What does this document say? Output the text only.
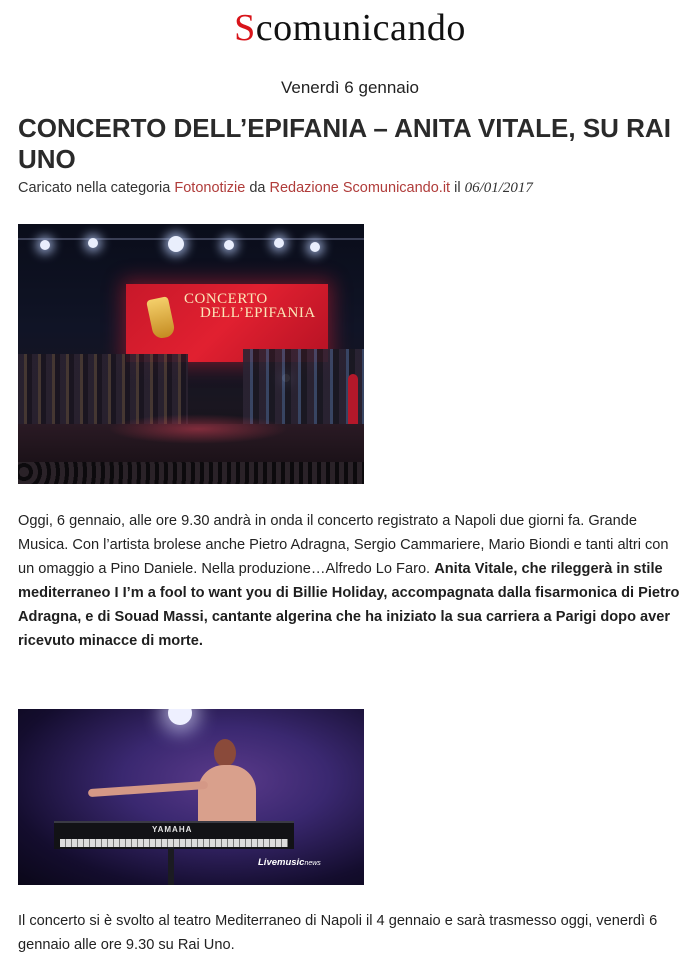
Scomunicando
Venerdì 6 gennaio
CONCERTO DELL’EPIFANIA – ANITA VITALE, SU RAI UNO
Caricato nella categoria Fotonotizie da Redazione Scomunicando.it il 06/01/2017
CONCERTO
DELL’EPIFANIA
Oggi, 6 gennaio, alle ore 9.30 andrà in onda il concerto registrato a Napoli due giorni fa. Grande Musica. Con l’artista brolese anche Pietro Adragna, Sergio Cammariere, Mario Biondi e tanti altri con un omaggio a Pino Daniele. Nella produzione…Alfredo Lo Faro. Anita Vitale, che rileggerà in stile mediterraneo I I’m a fool to want you di Billie Holiday, accompagnata dalla fisarmonica di Pietro Adragna, e di Souad Massi, cantante algerina che ha iniziato la sua carriera a Parigi dopo aver ricevuto minacce di morte.
YAMAHA
Livemusicnews
Il concerto si è svolto al teatro Mediterraneo di Napoli il 4 gennaio e sarà trasmesso oggi, venerdì 6 gennaio alle ore 9.30 su Rai Uno.
